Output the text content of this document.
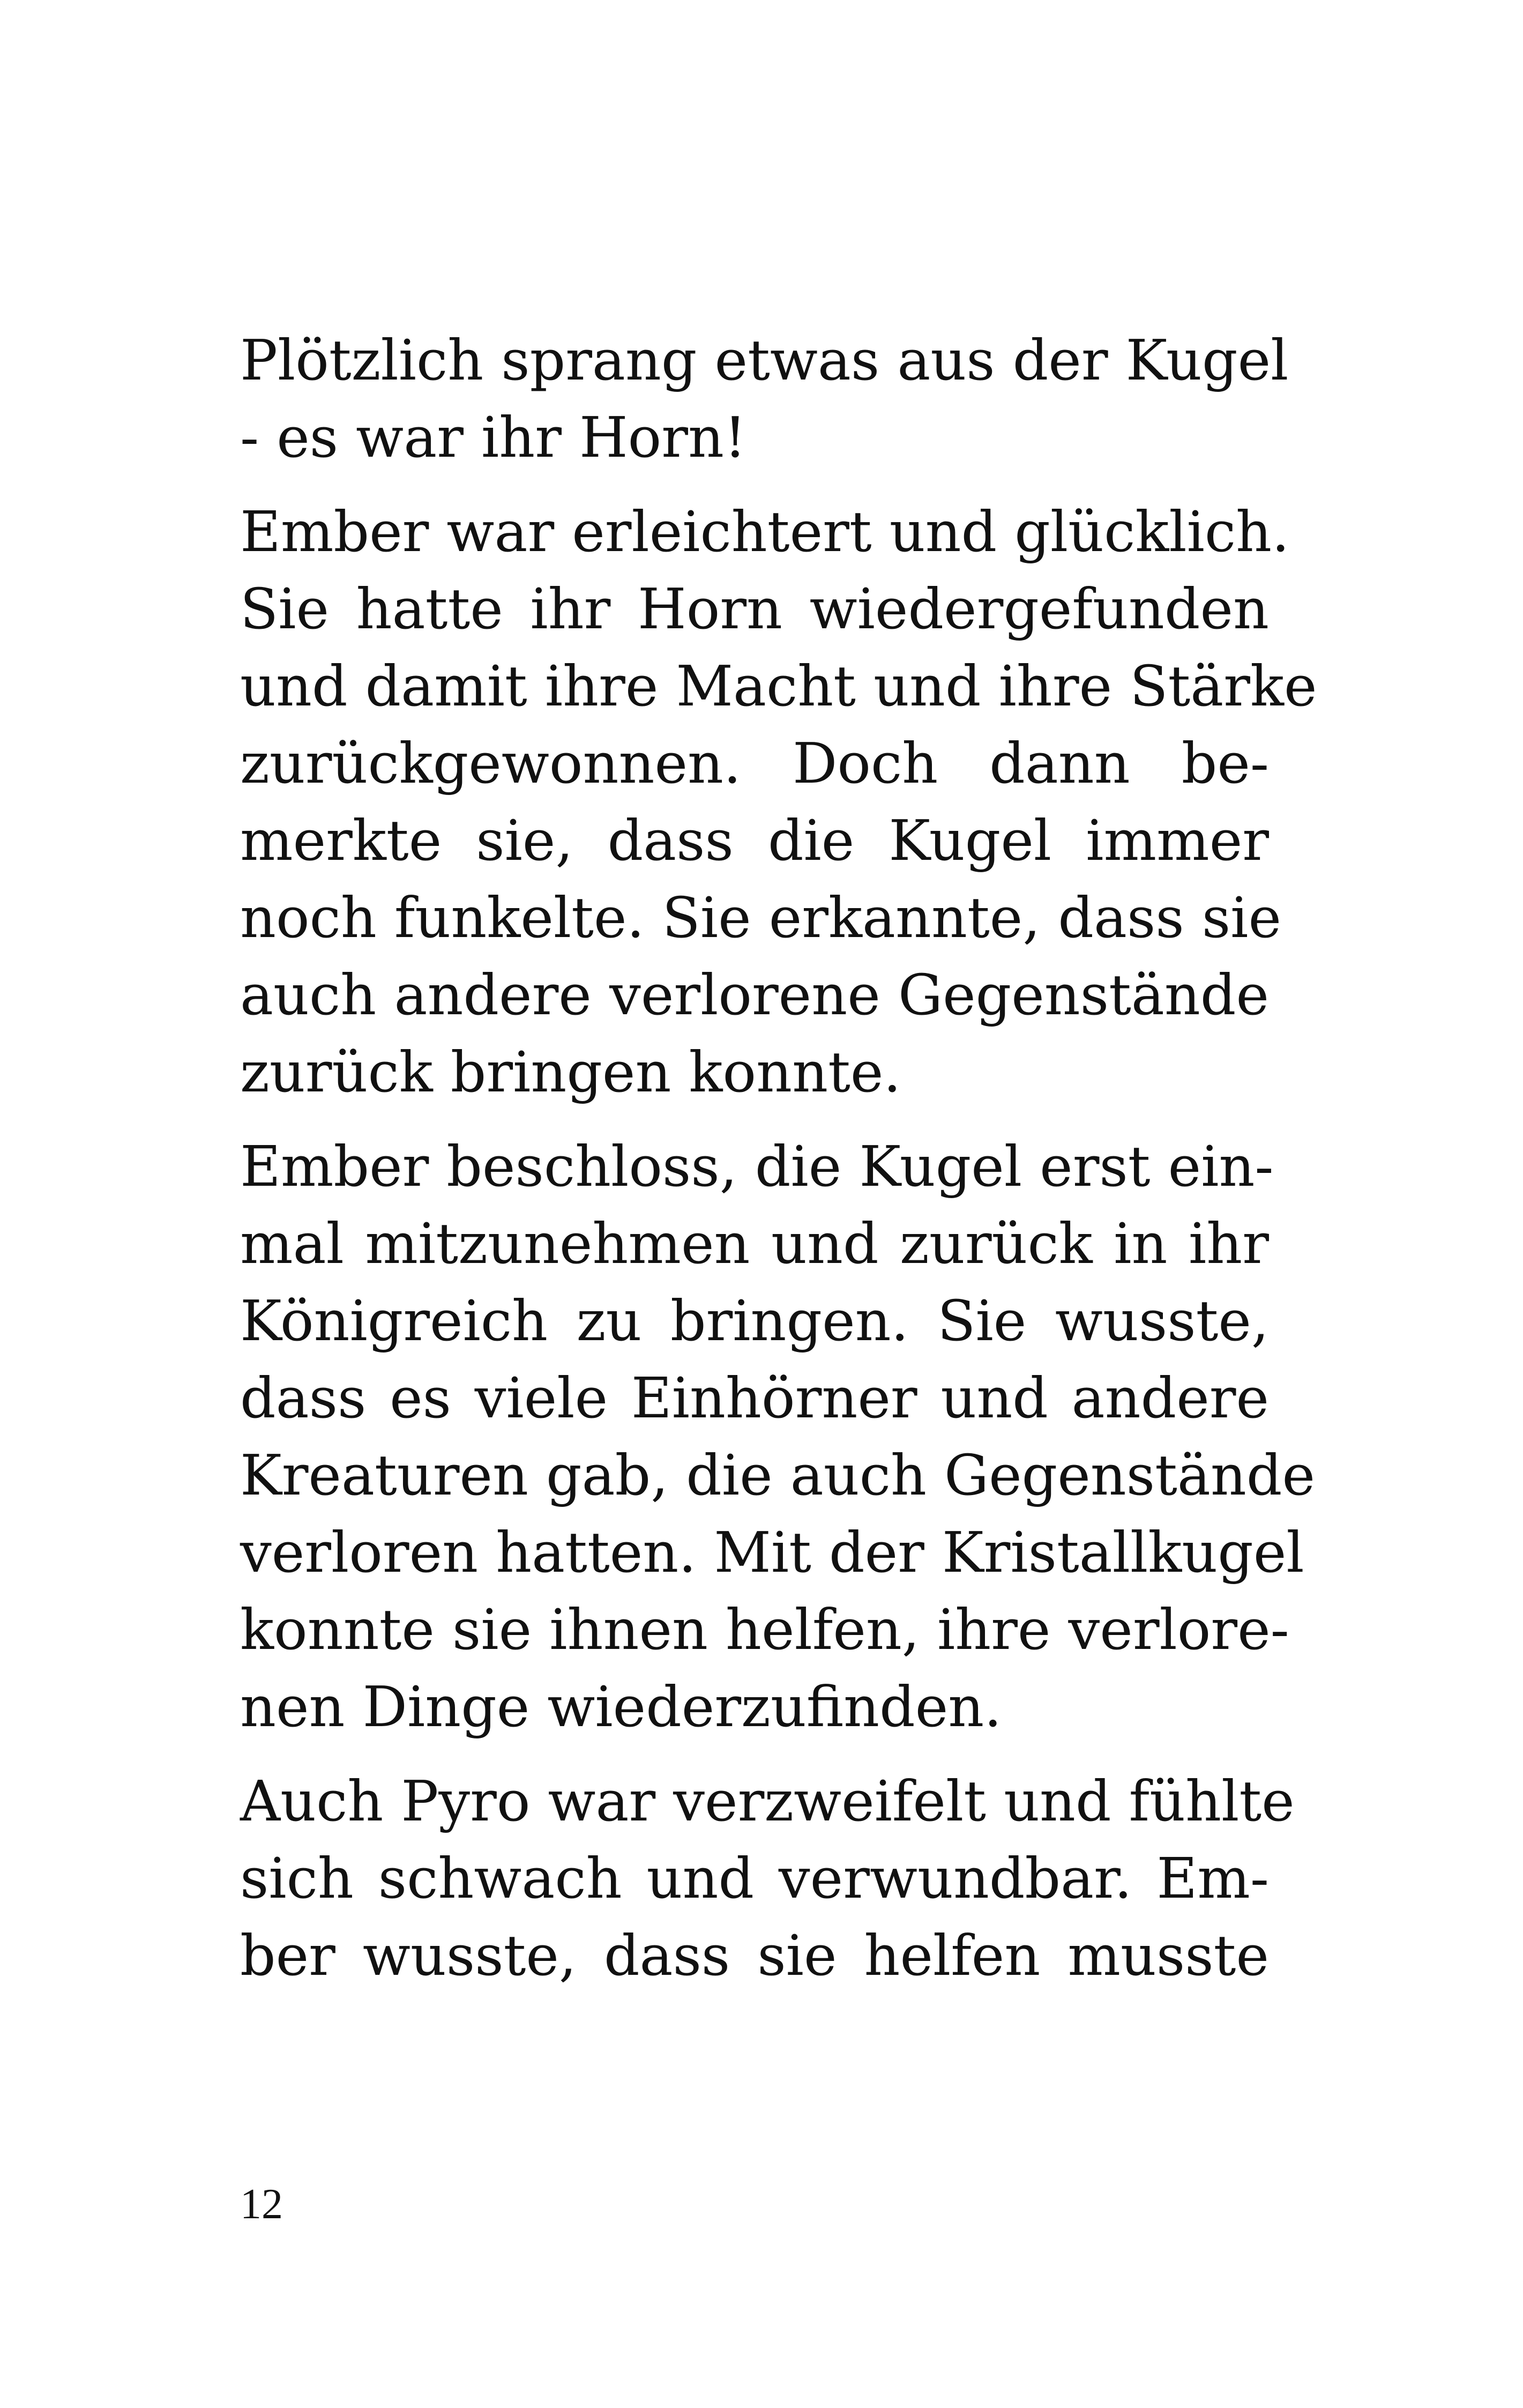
Plötzlich sprang etwas aus der Kugel
- es war ihr Horn!

Ember war erleichtert und glücklich.
Sie hatte ihr Horn wiedergefunden
und damit ihre Macht und ihre Stärke
zurückgewonnen. Doch dann be-
merkte sie, dass die Kugel immer
noch funkelte. Sie erkannte, dass sie
auch andere verlorene Gegenstände
zurück bringen konnte.

Ember beschloss, die Kugel erst ein-
mal mitzunehmen und zurück in ihr
Königreich zu bringen. Sie wusste,
dass es viele Einhörner und andere
Kreaturen gab, die auch Gegenstände
verloren hatten. Mit der Kristallkugel
konnte sie ihnen helfen, ihre verlore-
nen Dinge wiederzufinden.

Auch Pyro war verzweifelt und fühlte
sich schwach und verwundbar. Em-
ber wusste, dass sie helfen musste

12
